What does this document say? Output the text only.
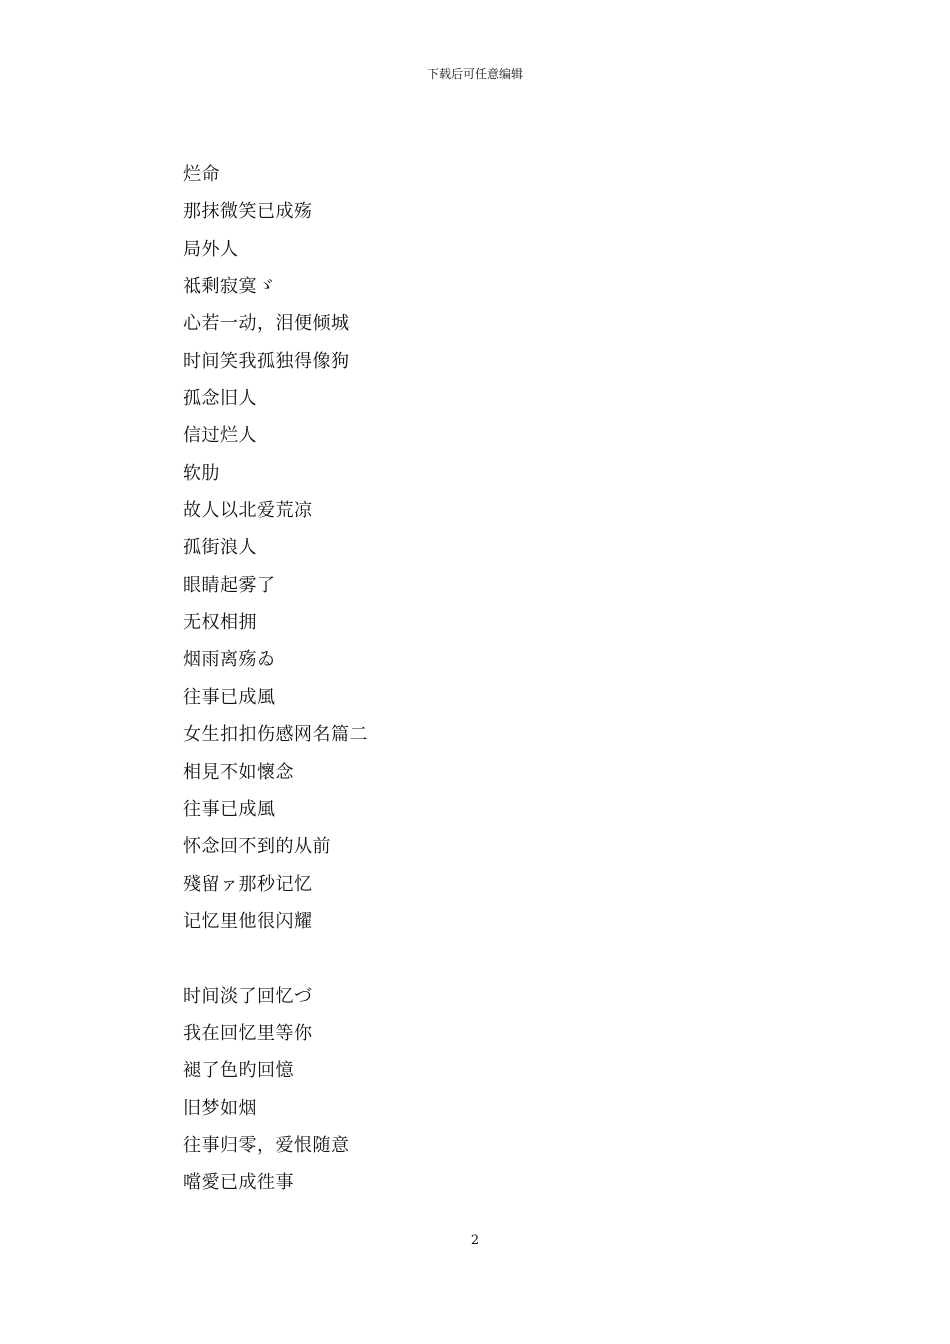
下载后可任意编辑
烂命
那抹微笑已成殇
局外人
祗剩寂寞ゞ
心若一动，泪便倾城
时间笑我孤独得像狗
孤念旧人
信过烂人
软肋
故人以北爱荒凉
孤街浪人
眼睛起雾了
无权相拥
烟雨离殇ゐ
往事已成風
女生扣扣伤感网名篇二
相見不如懷念
往事已成風
怀念回不到的从前
殘留ァ那秒记忆
记忆里他很闪耀
时间淡了回忆づ
我在回忆里等你
褪了色旳回憶
旧梦如烟
往事归零，爱恨随意
噹愛已成徃事
2
